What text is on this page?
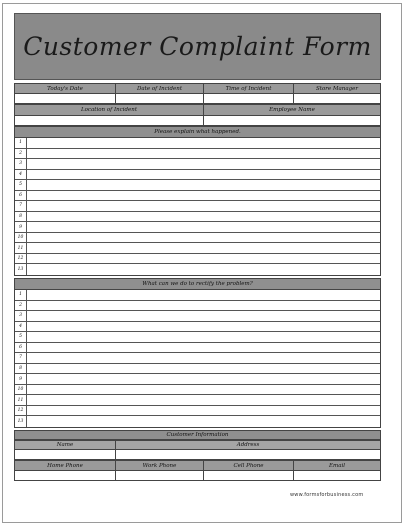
Customer Complaint Form
Today's Date	Date of Incident	Time of Incident	Store Manager
Location of Incident	Employee Name
Please explain what happened.
1
2
3
4
5
6
7
8
9
10
11
12
13
What can we do to rectify the problem?
1
2
3
4
5
6
7
8
9
10
11
12
13
Customer Information
Name	Address
Home Phone	Work Phone	Cell Phone	Email
www.formsforbusiness.com
